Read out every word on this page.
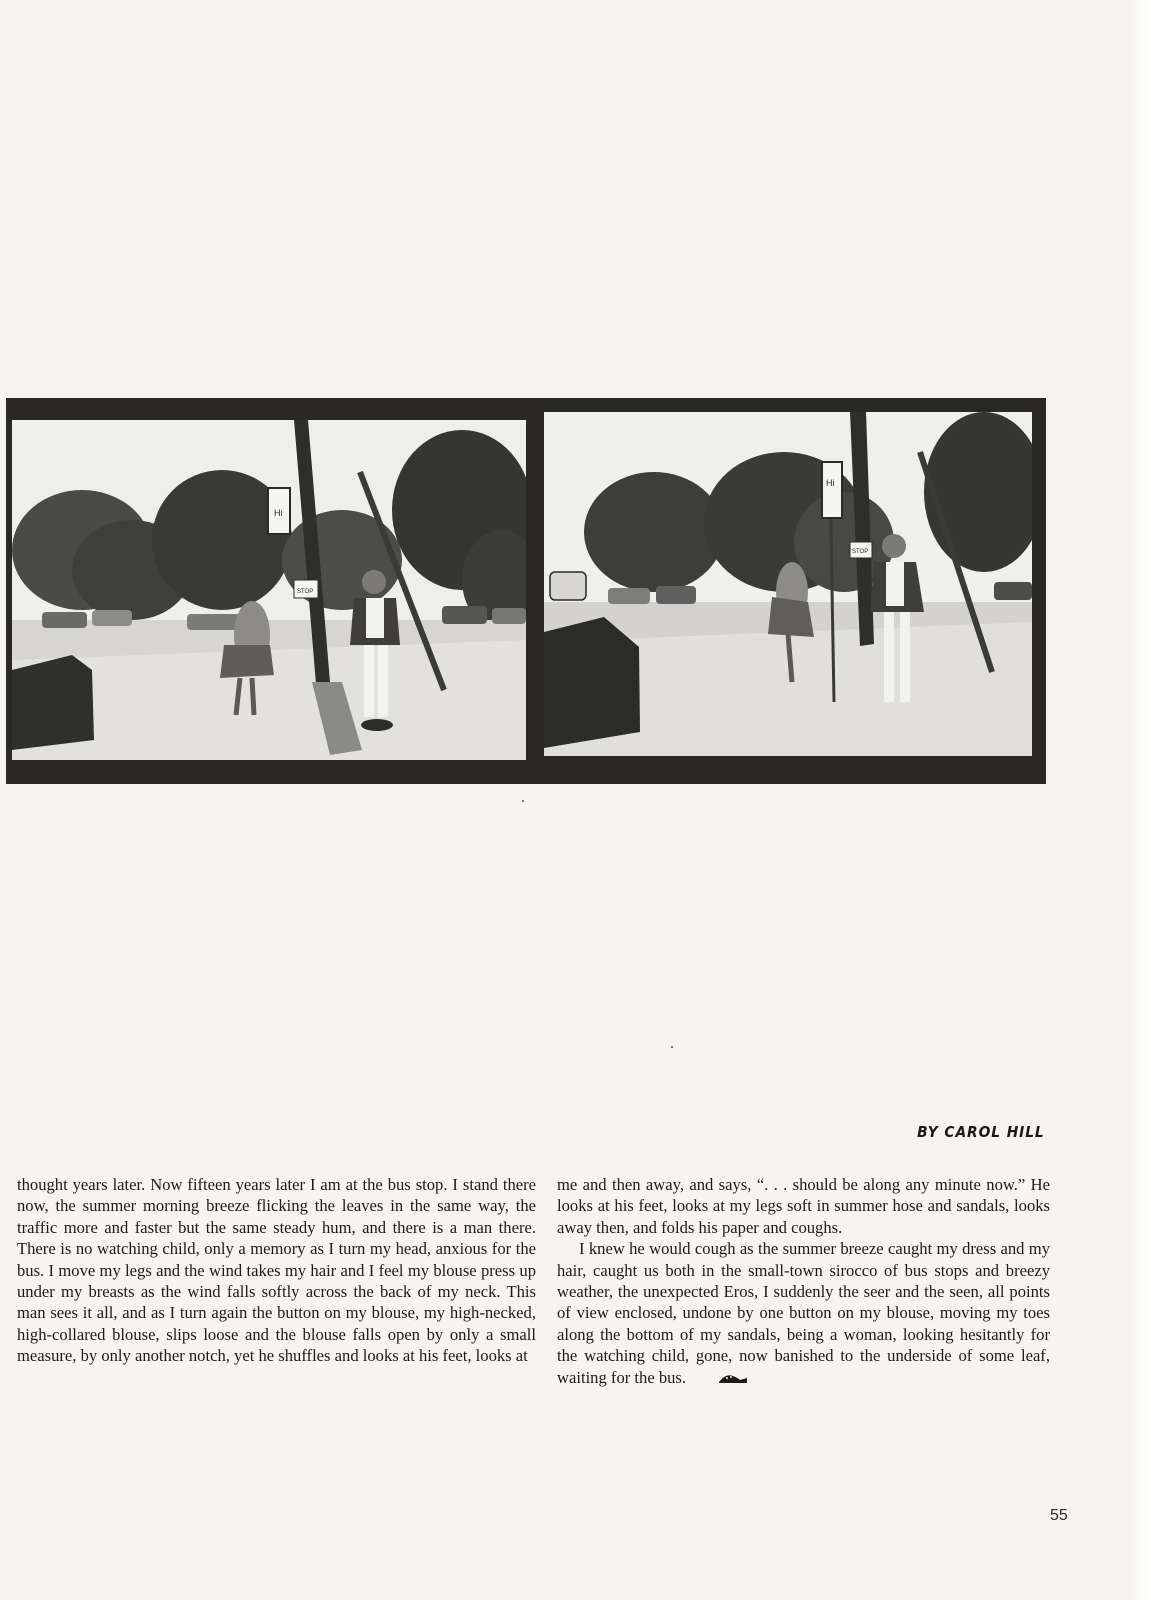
Hi
STOP
Hi
STOP
BY CAROL HILL

thought years later. Now fifteen years later I am at the bus stop. I stand there now, the summer morning breeze flicking the leaves in the same way, the traffic more and faster but the same steady hum, and there is a man there. There is no watching child, only a memory as I turn my head, anxious for the bus. I move my legs and the wind takes my hair and I feel my blouse press up under my breasts as the wind falls softly across the back of my neck. This man sees it all, and as I turn again the button on my blouse, my high-necked, high-collared blouse, slips loose and the blouse falls open by only a small measure, by only another notch, yet he shuffles and looks at his feet, looks at

me and then away, and says, “. . . should be along any minute now.” He looks at his feet, looks at my legs soft in summer hose and sandals, looks away then, and folds his paper and coughs.

I knew he would cough as the summer breeze caught my dress and my hair, caught us both in the small-town sirocco of bus stops and breezy weather, the unexpected Eros, I suddenly the seer and the seen, all points of view enclosed, undone by one button on my blouse, moving my toes along the bottom of my sandals, being a woman, looking hesitantly for the watching child, gone, now banished to the underside of some leaf, waiting for the bus.

55
